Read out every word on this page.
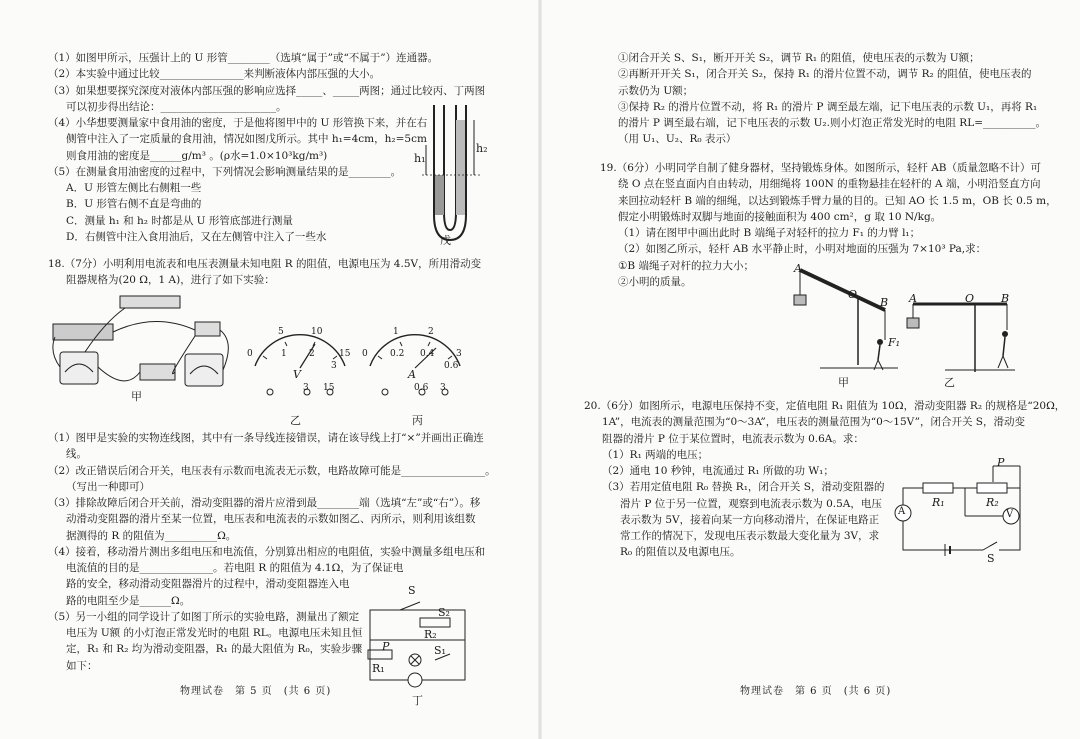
（1）如图甲所示，压强计上的 U 形管________（选填“属于”或“不属于”）连通器。
（2）本实验中通过比较________________来判断液体内部压强的大小。
（3）如果想要探究深度对液体内部压强的影响应选择_____、_____两图；通过比较丙、丁两图
可以初步得出结论：______________________。
（4）小华想要测量家中食用油的密度，于是他将图甲中的 U 形管换下来，并在右
侧管中注入了一定质量的食用油，情况如图戊所示。其中 h₁=4cm，h₂=5cm
则食用油的密度是______g/m³ 。(ρ水=1.0×10³kg/m³)
（5）在测量食用油密度的过程中，下列情况会影响测量结果的是________。
A．U 形管左侧比右侧粗一些
B．U 形管右侧不直是弯曲的
C．测量 h₁ 和 h₂ 时都是从 U 形管底部进行测量
D．右侧管中注入食用油后，又在左侧管中注入了一些水
h₁
h₂
戊
18.（7分）小明利用电流表和电压表测量未知电阻 R 的阻值，电源电压为 4.5V，所用滑动变
阻器规格为(20 Ω，1 A)，进行了如下实验：
甲
5	10
0	1 2	15
3
V
3 15
乙
1	2
0 0.2 0.4 3
0.6
A
0.6 3
丙
（1）图甲是实验的实物连线图，其中有一条导线连接错误，请在该导线上打“×”并画出正确连
线。
（2）改正错误后闭合开关，电压表有示数而电流表无示数，电路故障可能是________________。
（写出一种即可）
（3）排除故障后闭合开关前，滑动变阻器的滑片应滑到最________端（选填“左”或“右”）。移
动滑动变阻器的滑片至某一位置，电压表和电流表的示数如图乙、丙所示，则利用该组数
据测得的 R 的阻值为__________Ω。
（4）接着，移动滑片测出多组电压和电流值，分别算出相应的电阻值，实验中测量多组电压和
电流值的目的是______________。若电阻 R 的阻值为 4.1Ω，为了保证电
路的安全，移动滑动变阻器滑片的过程中，滑动变阻器连入电
路的电阻至少是______Ω。
（5）另一小组的同学设计了如图丁所示的实验电路，测量出了额定
电压为 U额 的小灯泡正常发光时的电阻 RL。电源电压未知且恒
定，R₁ 和 R₂ 均为滑动变阻器，R₁ 的最大阻值为 R₀，实验步骤
如下：
S
S₂
R₂
S₁
R₁
P
丁
物理试卷　第 5 页　(共 6 页)
①闭合开关 S、S₁，断开开关 S₂，调节 R₁ 的阻值，使电压表的示数为 U额；
②再断开开关 S₁，闭合开关 S₂，保持 R₁ 的滑片位置不动，调节 R₂ 的阻值，使电压表的
示数仍为 U额；
③保持 R₂ 的滑片位置不动，将 R₁ 的滑片 P 调至最左端，记下电压表的示数 U₁，再将 R₁
的滑片 P 调至最右端，记下电压表的示数 U₂.则小灯泡正常发光时的电阻 RL=__________。
（用 U₁、U₂、R₀ 表示）
19.（6分）小明同学自制了健身器材，坚持锻炼身体。如图所示，轻杆 AB（质量忽略不计）可
绕 O 点在竖直面内自由转动，用细绳将 100N 的重物悬挂在轻杆的 A 端，小明沿竖直方向
来回拉动轻杆 B 端的细绳，以达到锻炼手臂力量的目的。已知 AO 长 1.5 m，OB 长 0.5 m，
假定小明锻炼时双脚与地面的接触面积为 400 cm²，g 取 10 N/kg。
（1）请在图甲中画出此时 B 端绳子对轻杆的拉力 F₁ 的力臂 l₁；
（2）如图乙所示，轻杆 AB 水平静止时，小明对地面的压强为 7×10³ Pa,求：
①B 端绳子对杆的拉力大小；
②小明的质量。
A
O
B
F₁
甲
A	O B
乙
20.（6分）如图所示，电源电压保持不变，定值电阻 R₁ 阻值为 10Ω，滑动变阻器 R₂ 的规格是“20Ω，
1A”，电流表的测量范围为“0～3A”，电压表的测量范围为“0～15V”，闭合开关 S，滑动变
阻器的滑片 P 位于某位置时，电流表示数为 0.6A。求：
（1）R₁ 两端的电压；
（2）通电 10 秒钟，电流通过 R₁ 所做的功 W₁；
（3）若用定值电阻 R₀ 替换 R₁，闭合开关 S，滑动变阻器的
滑片 P 位于另一位置，观察到电流表示数为 0.5A，电压
表示数为 5V，接着向某一方向移动滑片，在保证电路正
常工作的情况下，发现电压表示数最大变化量为 3V，求
R₀ 的阻值以及电源电压。
R₁	R₂
P
A	V
S
物理试卷　第 6 页　(共 6 页)
